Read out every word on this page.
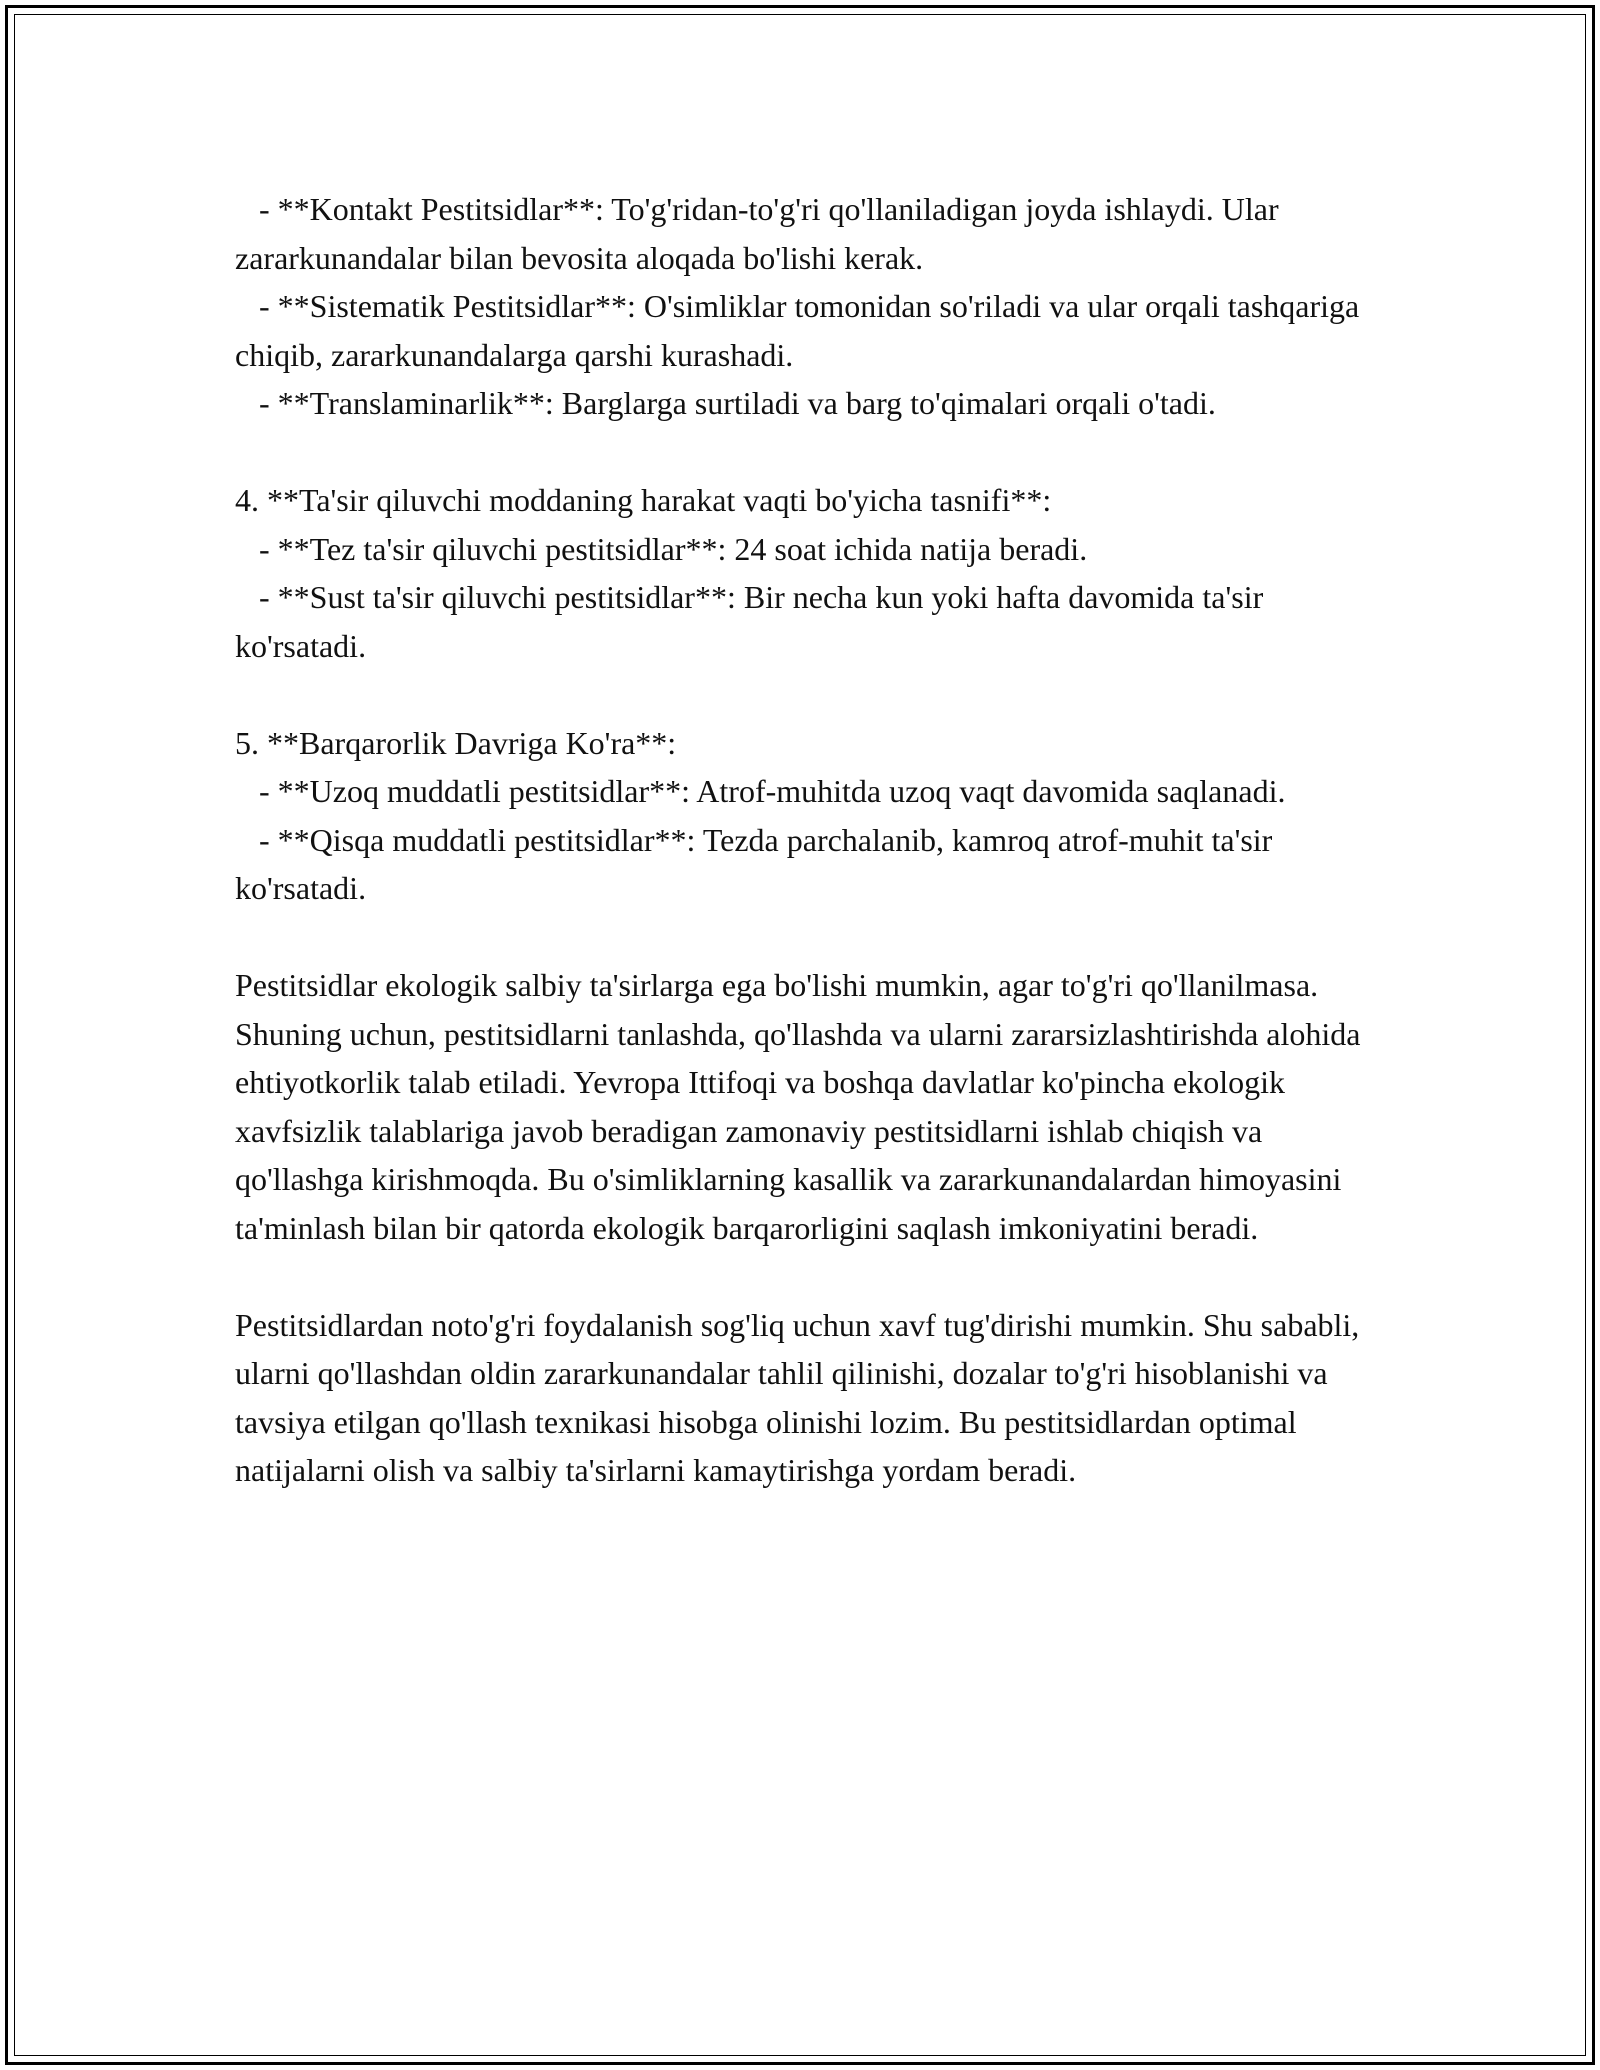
- **Kontakt Pestitsidlar**: To'g'ridan-to'g'ri qo'llaniladigan joyda ishlaydi. Ular zararkunandalar bilan bevosita aloqada bo'lishi kerak.

- **Sistematik Pestitsidlar**: O'simliklar tomonidan so'riladi va ular orqali tashqariga chiqib, zararkunandalarga qarshi kurashadi.

- **Translaminarlik**: Barglarga surtiladi va barg to'qimalari orqali o'tadi.

4. **Ta'sir qiluvchi moddaning harakat vaqti bo'yicha tasnifi**:

- **Tez ta'sir qiluvchi pestitsidlar**: 24 soat ichida natija beradi.

- **Sust ta'sir qiluvchi pestitsidlar**: Bir necha kun yoki hafta davomida ta'sir ko'rsatadi.

5. **Barqarorlik Davriga Ko'ra**:

- **Uzoq muddatli pestitsidlar**: Atrof-muhitda uzoq vaqt davomida saqlanadi.

- **Qisqa muddatli pestitsidlar**: Tezda parchalanib, kamroq atrof-muhit ta'sir ko'rsatadi.

Pestitsidlar ekologik salbiy ta'sirlarga ega bo'lishi mumkin, agar to'g'ri qo'llanilmasa. Shuning uchun, pestitsidlarni tanlashda, qo'llashda va ularni zararsizlashtirishda alohida ehtiyotkorlik talab etiladi. Yevropa Ittifoqi va boshqa davlatlar ko'pincha ekologik xavfsizlik talablariga javob beradigan zamonaviy pestitsidlarni ishlab chiqish va qo'llashga kirishmoqda. Bu o'simliklarning kasallik va zararkunandalardan himoyasini ta'minlash bilan bir qatorda ekologik barqarorligini saqlash imkoniyatini beradi.

Pestitsidlardan noto'g'ri foydalanish sog'liq uchun xavf tug'dirishi mumkin. Shu sababli, ularni qo'llashdan oldin zararkunandalar tahlil qilinishi, dozalar to'g'ri hisoblanishi va tavsiya etilgan qo'llash texnikasi hisobga olinishi lozim. Bu pestitsidlardan optimal natijalarni olish va salbiy ta'sirlarni kamaytirishga yordam beradi.
